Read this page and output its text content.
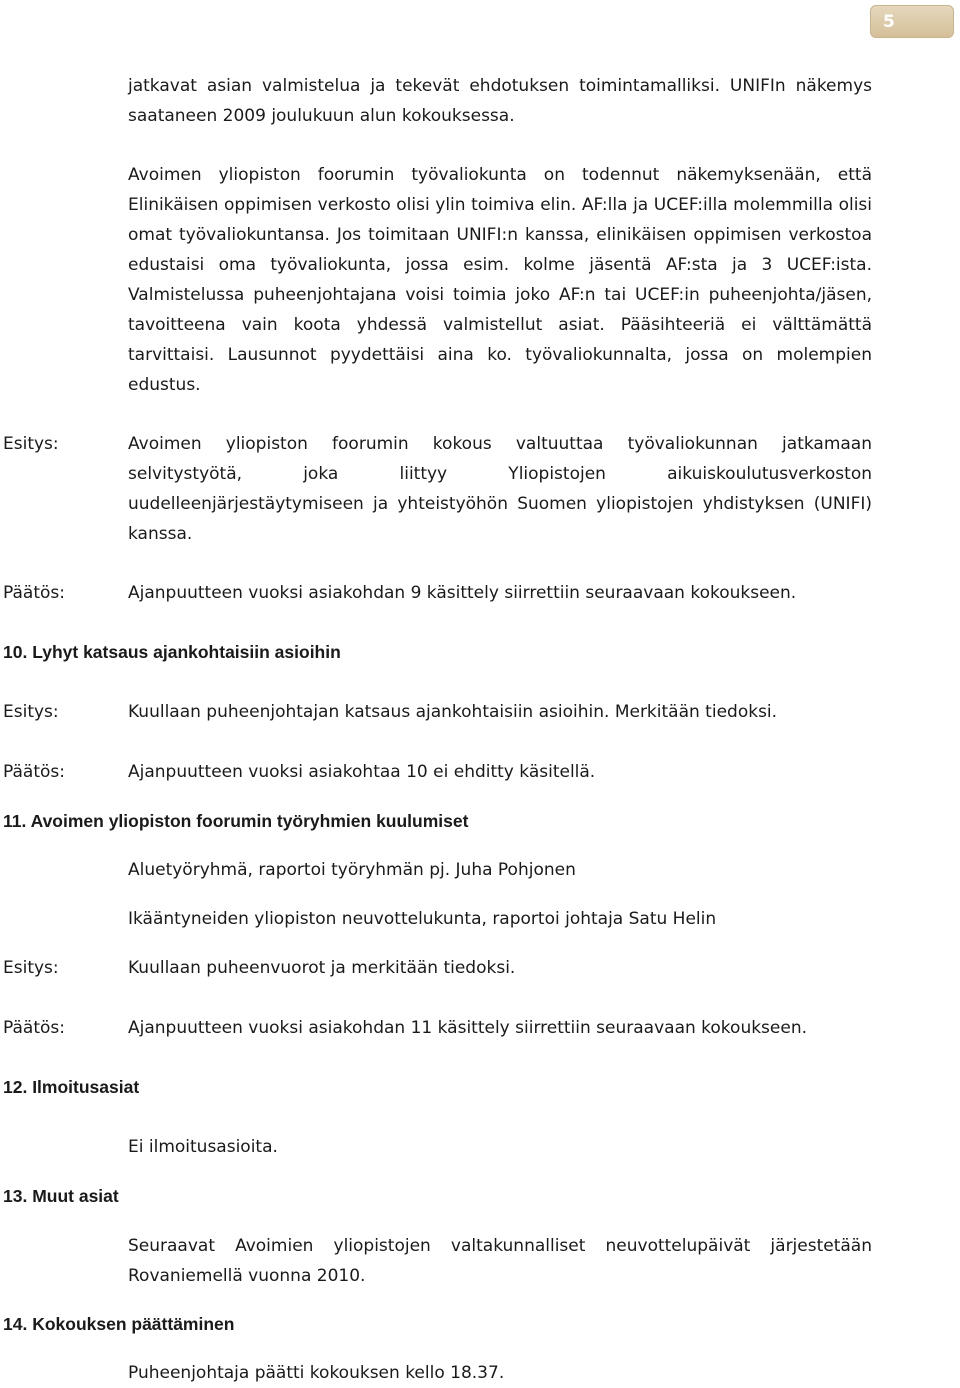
5

jatkavat asian valmistelua ja tekevät ehdotuksen toimintamalliksi. UNIFIn näkemys saataneen 2009 joulukuun alun kokouksessa.

Avoimen yliopiston foorumin työvaliokunta on todennut näkemyksenään, että Elinikäisen oppimisen verkosto olisi ylin toimiva elin. AF:lla ja UCEF:illa molemmilla olisi omat työvaliokuntansa. Jos toimitaan UNIFI:n kanssa, elinikäisen oppimisen verkostoa edustaisi oma työvaliokunta, jossa esim. kolme jäsentä AF:sta ja 3 UCEF:ista. Valmistelussa puheenjohtajana voisi toimia joko AF:n tai UCEF:in puheenjohta/jäsen, tavoitteena vain koota yhdessä valmistellut asiat. Pääsihteeriä ei välttämättä tarvittaisi. Lausunnot pyydettäisi aina ko. työvaliokunnalta, jossa on molempien edustus.

Esitys:	Avoimen yliopiston foorumin kokous valtuuttaa työvaliokunnan jatkamaan selvitystyötä, joka liittyy Yliopistojen aikuiskoulutusverkoston uudelleenjärjestäytymiseen ja yhteistyöhön Suomen yliopistojen yhdistyksen (UNIFI) kanssa.

Päätös:	Ajanpuutteen vuoksi asiakohdan 9 käsittely siirrettiin seuraavaan kokoukseen.

10. Lyhyt katsaus ajankohtaisiin asioihin

Esitys:	Kuullaan puheenjohtajan katsaus ajankohtaisiin asioihin. Merkitään tiedoksi.

Päätös:	Ajanpuutteen vuoksi asiakohtaa 10 ei ehditty käsitellä.

11. Avoimen yliopiston foorumin työryhmien kuulumiset

Aluetyöryhmä, raportoi työryhmän pj. Juha Pohjonen

Ikääntyneiden yliopiston neuvottelukunta, raportoi johtaja Satu Helin

Esitys:	Kuullaan puheenvuorot ja merkitään tiedoksi.

Päätös:	Ajanpuutteen vuoksi asiakohdan 11 käsittely siirrettiin seuraavaan kokoukseen.

12. Ilmoitusasiat

Ei ilmoitusasioita.

13. Muut asiat

Seuraavat Avoimien yliopistojen valtakunnalliset neuvottelupäivät järjestetään Rovaniemellä vuonna 2010.

14. Kokouksen päättäminen

Puheenjohtaja päätti kokouksen kello 18.37.
